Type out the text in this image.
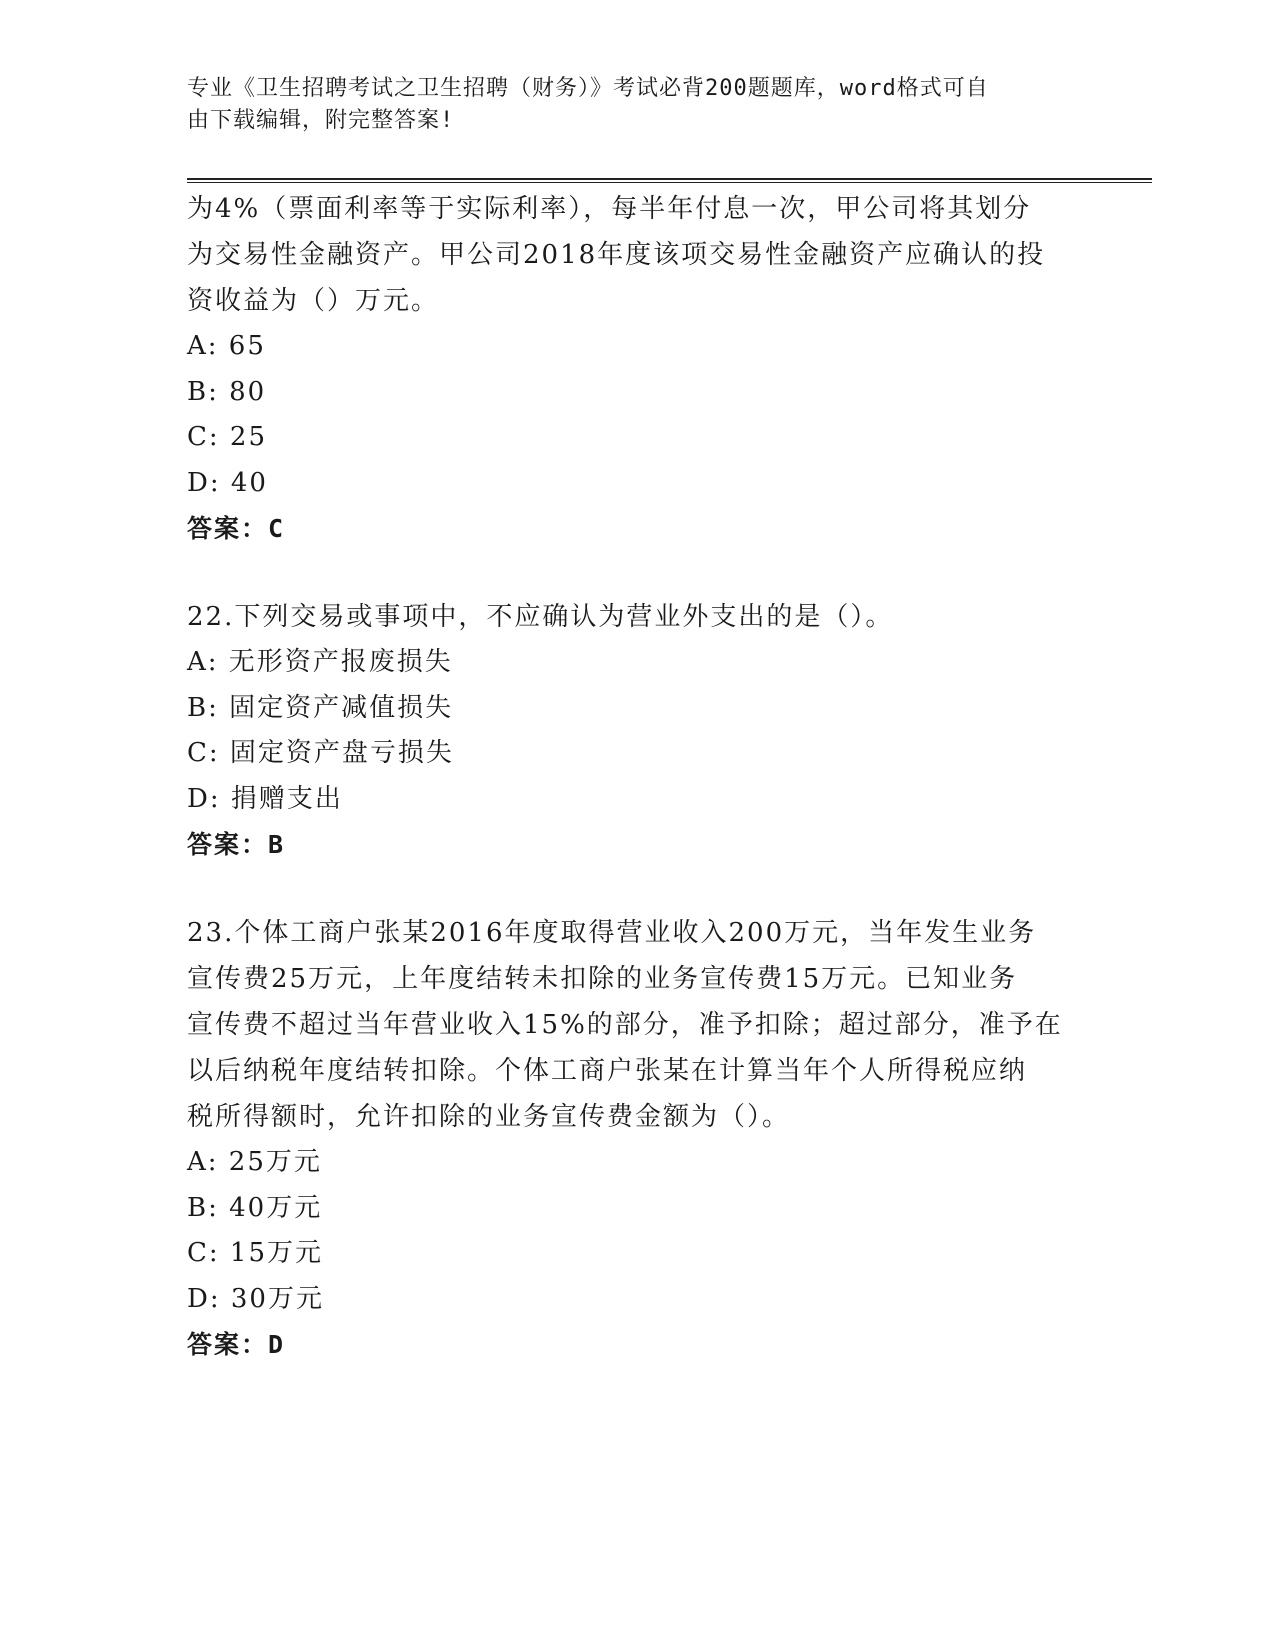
专业《卫生招聘考试之卫生招聘（财务）》考试必背200题题库，word格式可自
由下载编辑，附完整答案!

为4%（票面利率等于实际利率），每半年付息一次，甲公司将其划分

为交易性金融资产。甲公司2018年度该项交易性金融资产应确认的投

资收益为（）万元。

A: 65

B: 80

C: 25

D: 40

答案：C

22.下列交易或事项中，不应确认为营业外支出的是（）。

A: 无形资产报废损失

B: 固定资产减值损失

C: 固定资产盘亏损失

D: 捐赠支出

答案：B

23.个体工商户张某2016年度取得营业收入200万元，当年发生业务

宣传费25万元，上年度结转未扣除的业务宣传费15万元。已知业务

宣传费不超过当年营业收入15%的部分，准予扣除；超过部分，准予在

以后纳税年度结转扣除。个体工商户张某在计算当年个人所得税应纳

税所得额时，允许扣除的业务宣传费金额为（）。

A: 25万元

B: 40万元

C: 15万元

D: 30万元

答案：D
